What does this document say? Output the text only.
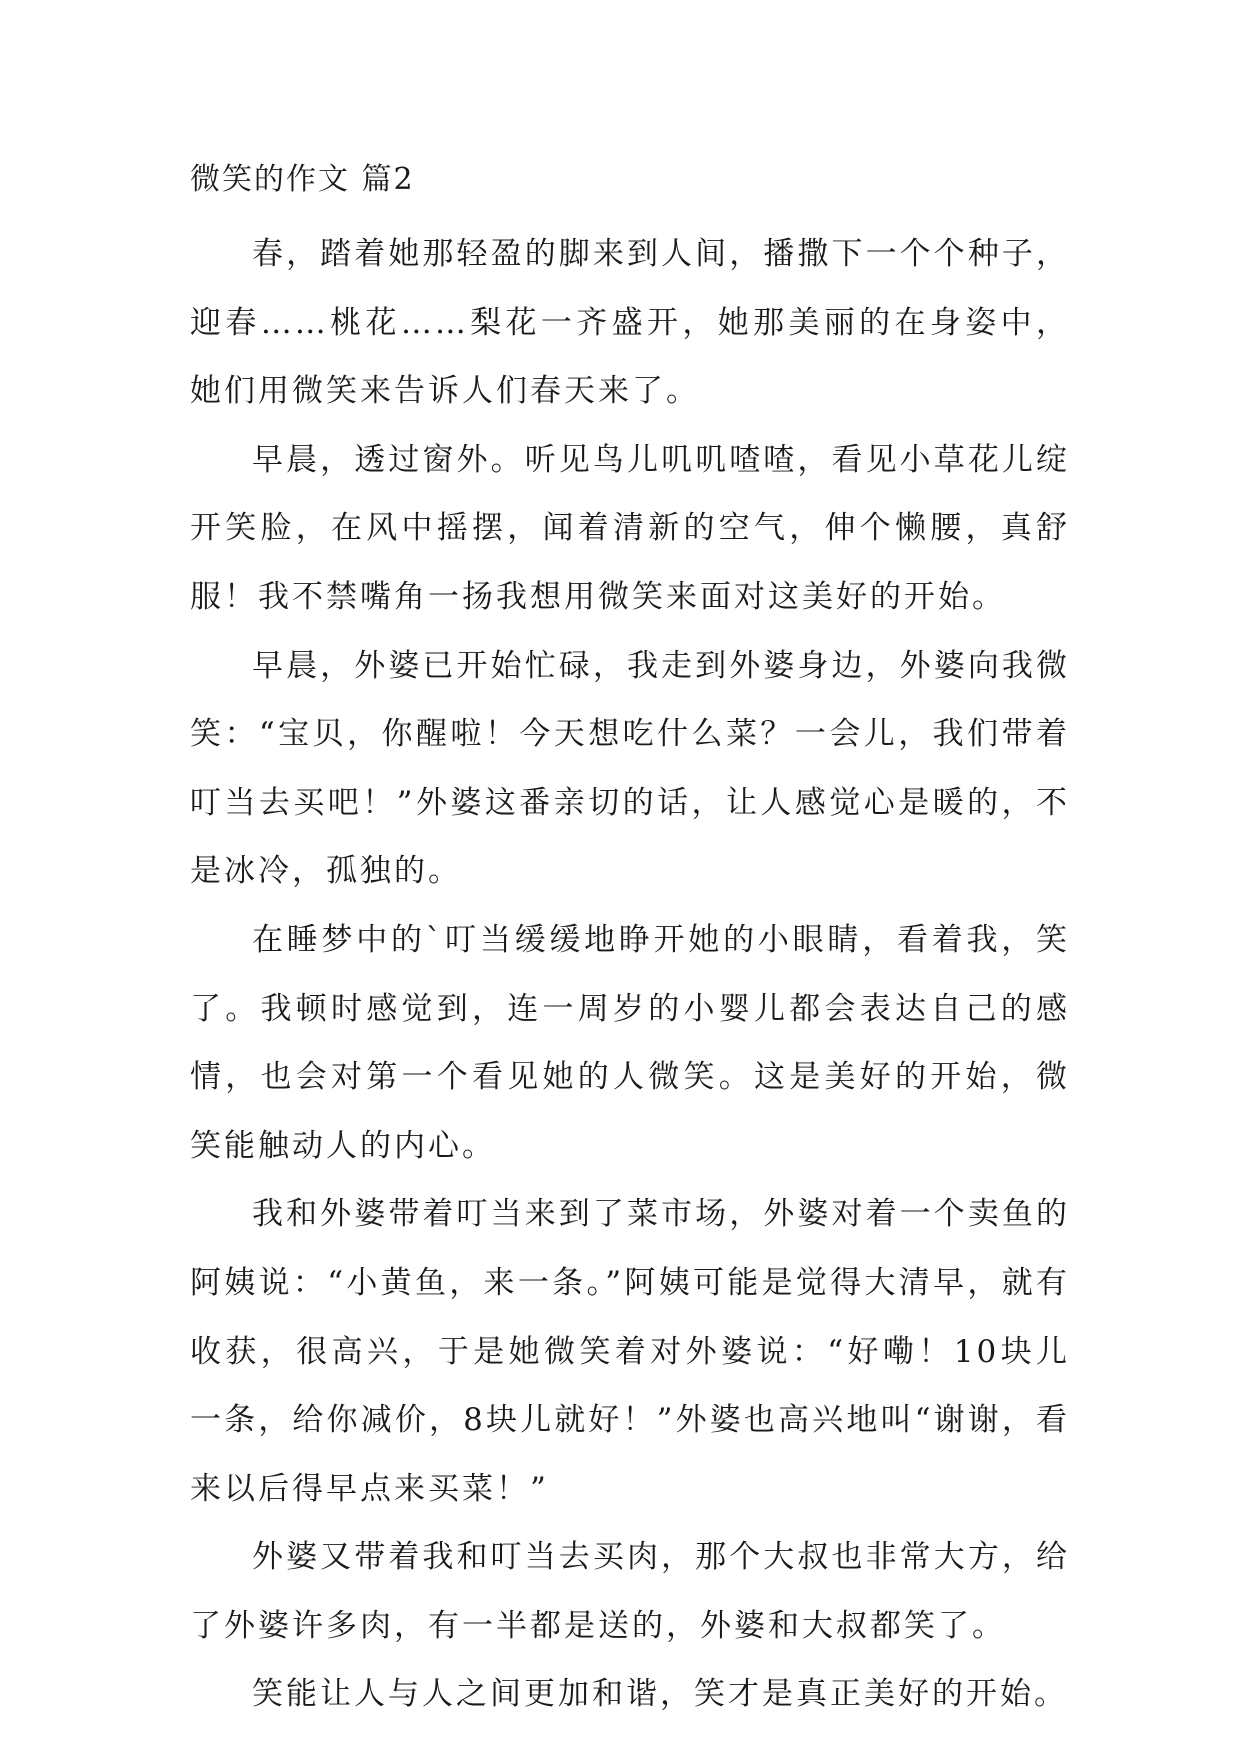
微笑的作文 篇2

春，踏着她那轻盈的脚来到人间，播撒下一个个种子，迎春……桃花……梨花一齐盛开，她那美丽的在身姿中，她们用微笑来告诉人们春天来了。

早晨，透过窗外。听见鸟儿叽叽喳喳，看见小草花儿绽开笑脸，在风中摇摆，闻着清新的空气，伸个懒腰，真舒服！我不禁嘴角一扬我想用微笑来面对这美好的开始。

早晨，外婆已开始忙碌，我走到外婆身边，外婆向我微笑：“宝贝，你醒啦！今天想吃什么菜？一会儿，我们带着叮当去买吧！”外婆这番亲切的话，让人感觉心是暖的，不是冰冷，孤独的。

在睡梦中的`叮当缓缓地睁开她的小眼睛，看着我，笑了。我顿时感觉到，连一周岁的小婴儿都会表达自己的感情，也会对第一个看见她的人微笑。这是美好的开始，微笑能触动人的内心。

我和外婆带着叮当来到了菜市场，外婆对着一个卖鱼的阿姨说：“小黄鱼，来一条。”阿姨可能是觉得大清早，就有收获，很高兴，于是她微笑着对外婆说：“好嘞！10块儿一条，给你减价，8块儿就好！”外婆也高兴地叫“谢谢，看来以后得早点来买菜！”

外婆又带着我和叮当去买肉，那个大叔也非常大方，给了外婆许多肉，有一半都是送的，外婆和大叔都笑了。

笑能让人与人之间更加和谐，笑才是真正美好的开始。
